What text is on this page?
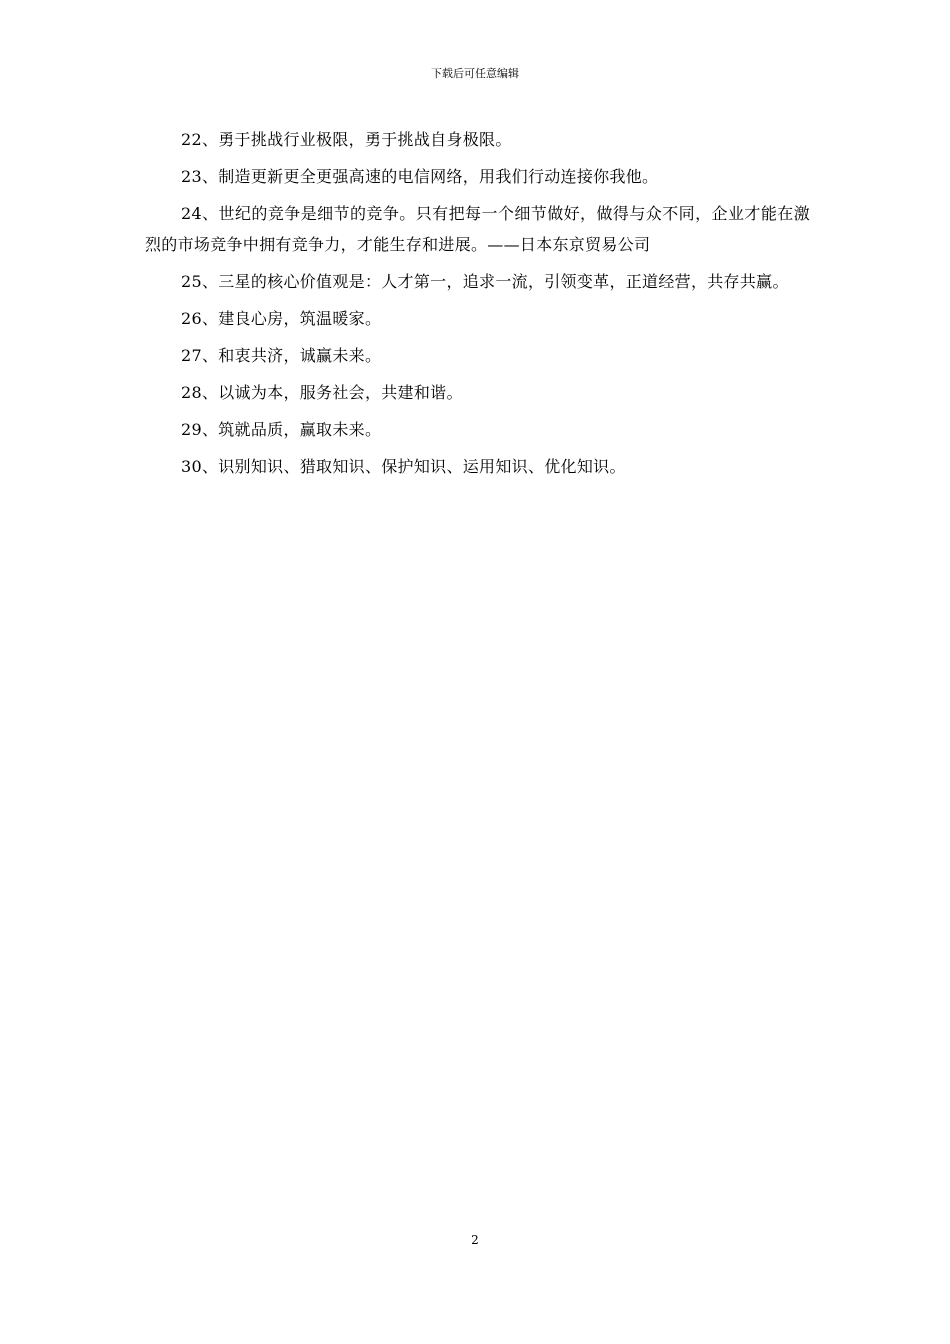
下载后可任意编辑

22、勇于挑战行业极限，勇于挑战自身极限。

23、制造更新更全更强高速的电信网络，用我们行动连接你我他。

24、世纪的竞争是细节的竞争。只有把每一个细节做好，做得与众不同，企业才能在激烈的市场竞争中拥有竞争力，才能生存和进展。——日本东京贸易公司

25、三星的核心价值观是：人才第一，追求一流，引领变革，正道经营，共存共赢。

26、建良心房，筑温暖家。

27、和衷共济，诚赢未来。

28、以诚为本，服务社会，共建和谐。

29、筑就品质，赢取未来。

30、识别知识、猎取知识、保护知识、运用知识、优化知识。

2
